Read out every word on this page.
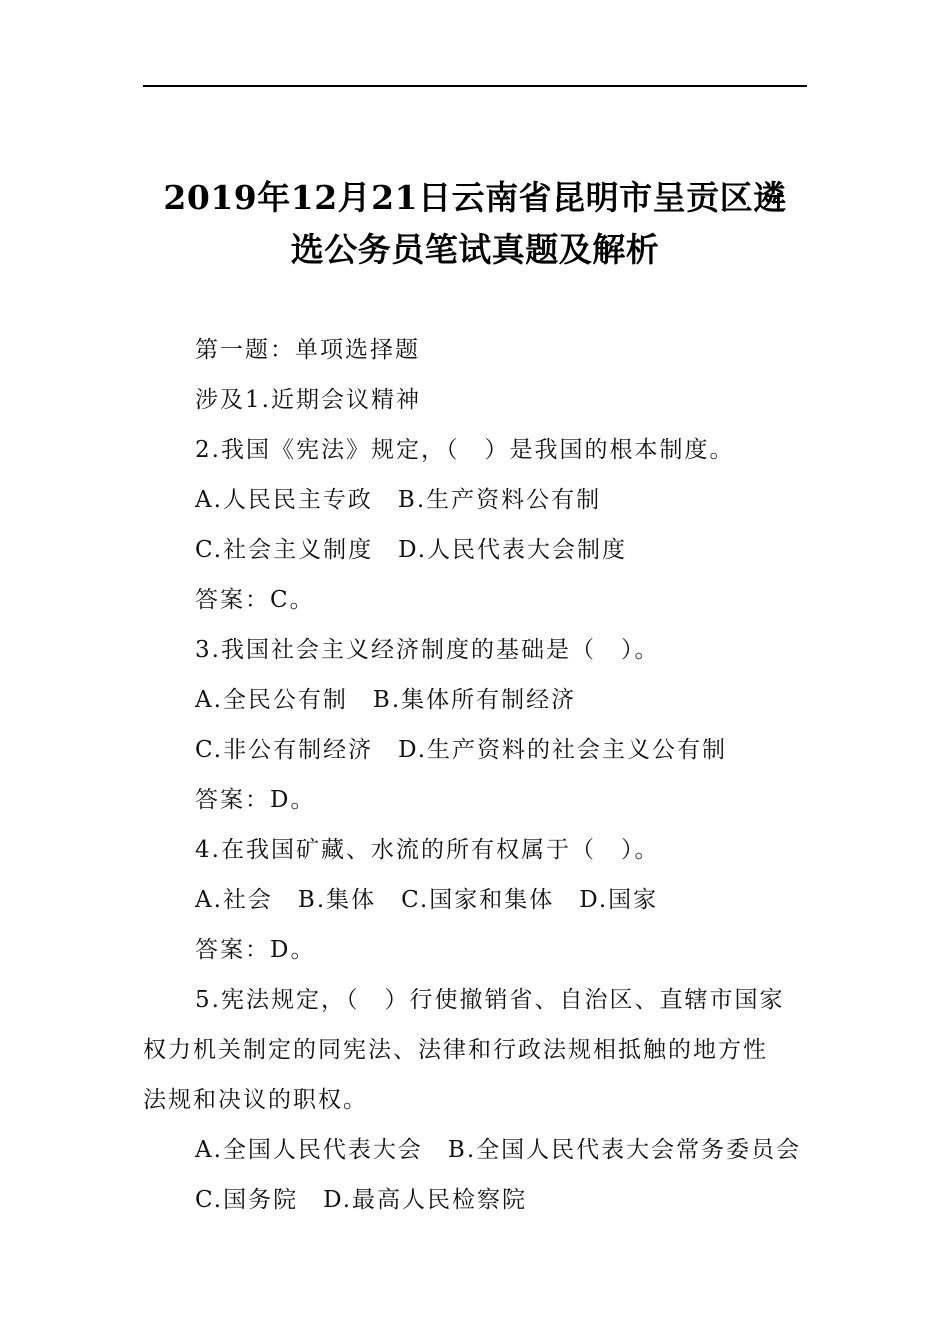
2019年12月21日云南省昆明市呈贡区遴
选公务员笔试真题及解析
第一题：单项选择题
涉及1.近期会议精神
2.我国《宪法》规定，（　）是我国的根本制度。
A.人民民主专政　B.生产资料公有制
C.社会主义制度　D.人民代表大会制度
答案：C。
3.我国社会主义经济制度的基础是（　）。
A.全民公有制　B.集体所有制经济
C.非公有制经济　D.生产资料的社会主义公有制
答案：D。
4.在我国矿藏、水流的所有权属于（　）。
A.社会　B.集体　C.国家和集体　D.国家
答案：D。
5.宪法规定，（　）行使撤销省、自治区、直辖市国家
权力机关制定的同宪法、法律和行政法规相抵触的地方性
法规和决议的职权。
A.全国人民代表大会　B.全国人民代表大会常务委员会
C.国务院　D.最高人民检察院
